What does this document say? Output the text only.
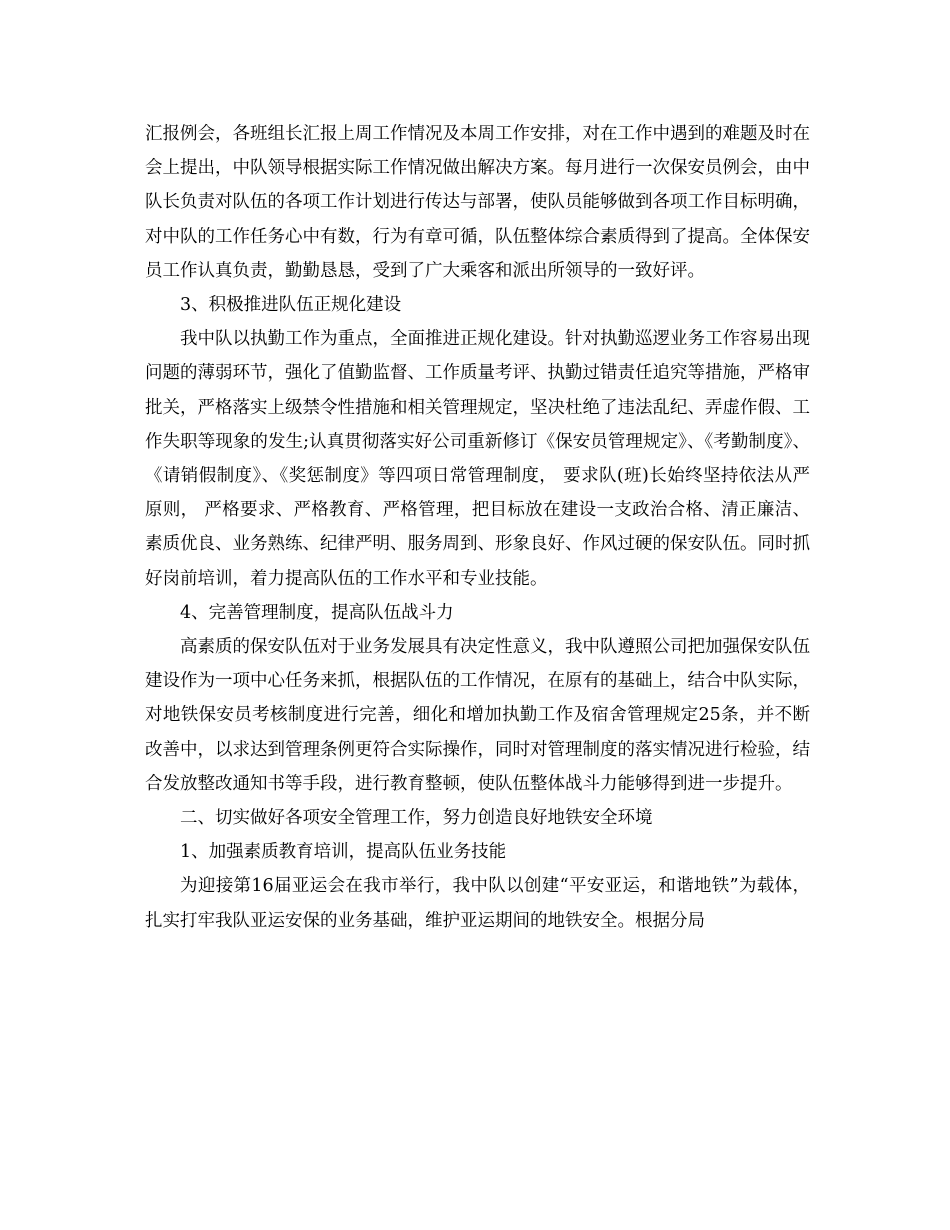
汇报例会，各班组长汇报上周工作情况及本周工作安排，对在工作中遇到的难题及时在会上提出，中队领导根据实际工作情况做出解决方案。每月进行一次保安员例会，由中队长负责对队伍的各项工作计划进行传达与部署，使队员能够做到各项工作目标明确，对中队的工作任务心中有数，行为有章可循，队伍整体综合素质得到了提高。全体保安员工作认真负责，勤勤恳恳，受到了广大乘客和派出所领导的一致好评。

3、积极推进队伍正规化建设

我中队以执勤工作为重点，全面推进正规化建设。针对执勤巡逻业务工作容易出现问题的薄弱环节，强化了值勤监督、工作质量考评、执勤过错责任追究等措施，严格审批关，严格落实上级禁令性措施和相关管理规定，坚决杜绝了违法乱纪、弄虚作假、工作失职等现象的发生;认真贯彻落实好公司重新修订《保安员管理规定》、《考勤制度》、《请销假制度》、《奖惩制度》等四项日常管理制度， 要求队(班)长始终坚持依法从严原则， 严格要求、严格教育、严格管理，把目标放在建设一支政治合格、清正廉洁、素质优良、业务熟练、纪律严明、服务周到、形象良好、作风过硬的保安队伍。同时抓好岗前培训，着力提高队伍的工作水平和专业技能。

4、完善管理制度，提高队伍战斗力

高素质的保安队伍对于业务发展具有决定性意义，我中队遵照公司把加强保安队伍建设作为一项中心任务来抓，根据队伍的工作情况，在原有的基础上，结合中队实际，对地铁保安员考核制度进行完善，细化和增加执勤工作及宿舍管理规定25条，并不断改善中，以求达到管理条例更符合实际操作，同时对管理制度的落实情况进行检验，结合发放整改通知书等手段，进行教育整顿，使队伍整体战斗力能够得到进一步提升。

二、切实做好各项安全管理工作，努力创造良好地铁安全环境

1、加强素质教育培训，提高队伍业务技能

为迎接第16届亚运会在我市举行，我中队以创建“平安亚运，和谐地铁”为载体，扎实打牢我队亚运安保的业务基础，维护亚运期间的地铁安全。根据分局
